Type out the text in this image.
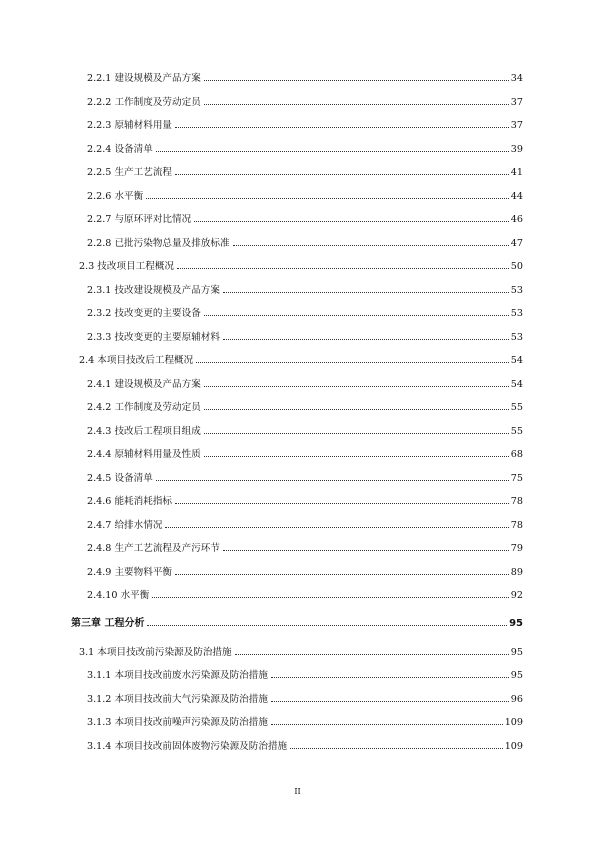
2.2.1 建设规模及产品方案	34
2.2.2 工作制度及劳动定员	37
2.2.3 原辅材料用量	37
2.2.4 设备清单	39
2.2.5 生产工艺流程	41
2.2.6 水平衡	44
2.2.7 与原环评对比情况	46
2.2.8 已批污染物总量及排放标准	47
2.3 技改项目工程概况	50
2.3.1 技改建设规模及产品方案	53
2.3.2 技改变更的主要设备	53
2.3.3 技改变更的主要原辅材料	53
2.4 本项目技改后工程概况	54
2.4.1 建设规模及产品方案	54
2.4.2 工作制度及劳动定员	55
2.4.3 技改后工程项目组成	55
2.4.4 原辅材料用量及性质	68
2.4.5 设备清单	75
2.4.6 能耗消耗指标	78
2.4.7 给排水情况	78
2.4.8 生产工艺流程及产污环节	79
2.4.9 主要物料平衡	89
2.4.10 水平衡	92
第三章 工程分析	95
3.1 本项目技改前污染源及防治措施	95
3.1.1 本项目技改前废水污染源及防治措施	95
3.1.2 本项目技改前大气污染源及防治措施	96
3.1.3 本项目技改前噪声污染源及防治措施	109
3.1.4 本项目技改前固体废物污染源及防治措施	109
II
